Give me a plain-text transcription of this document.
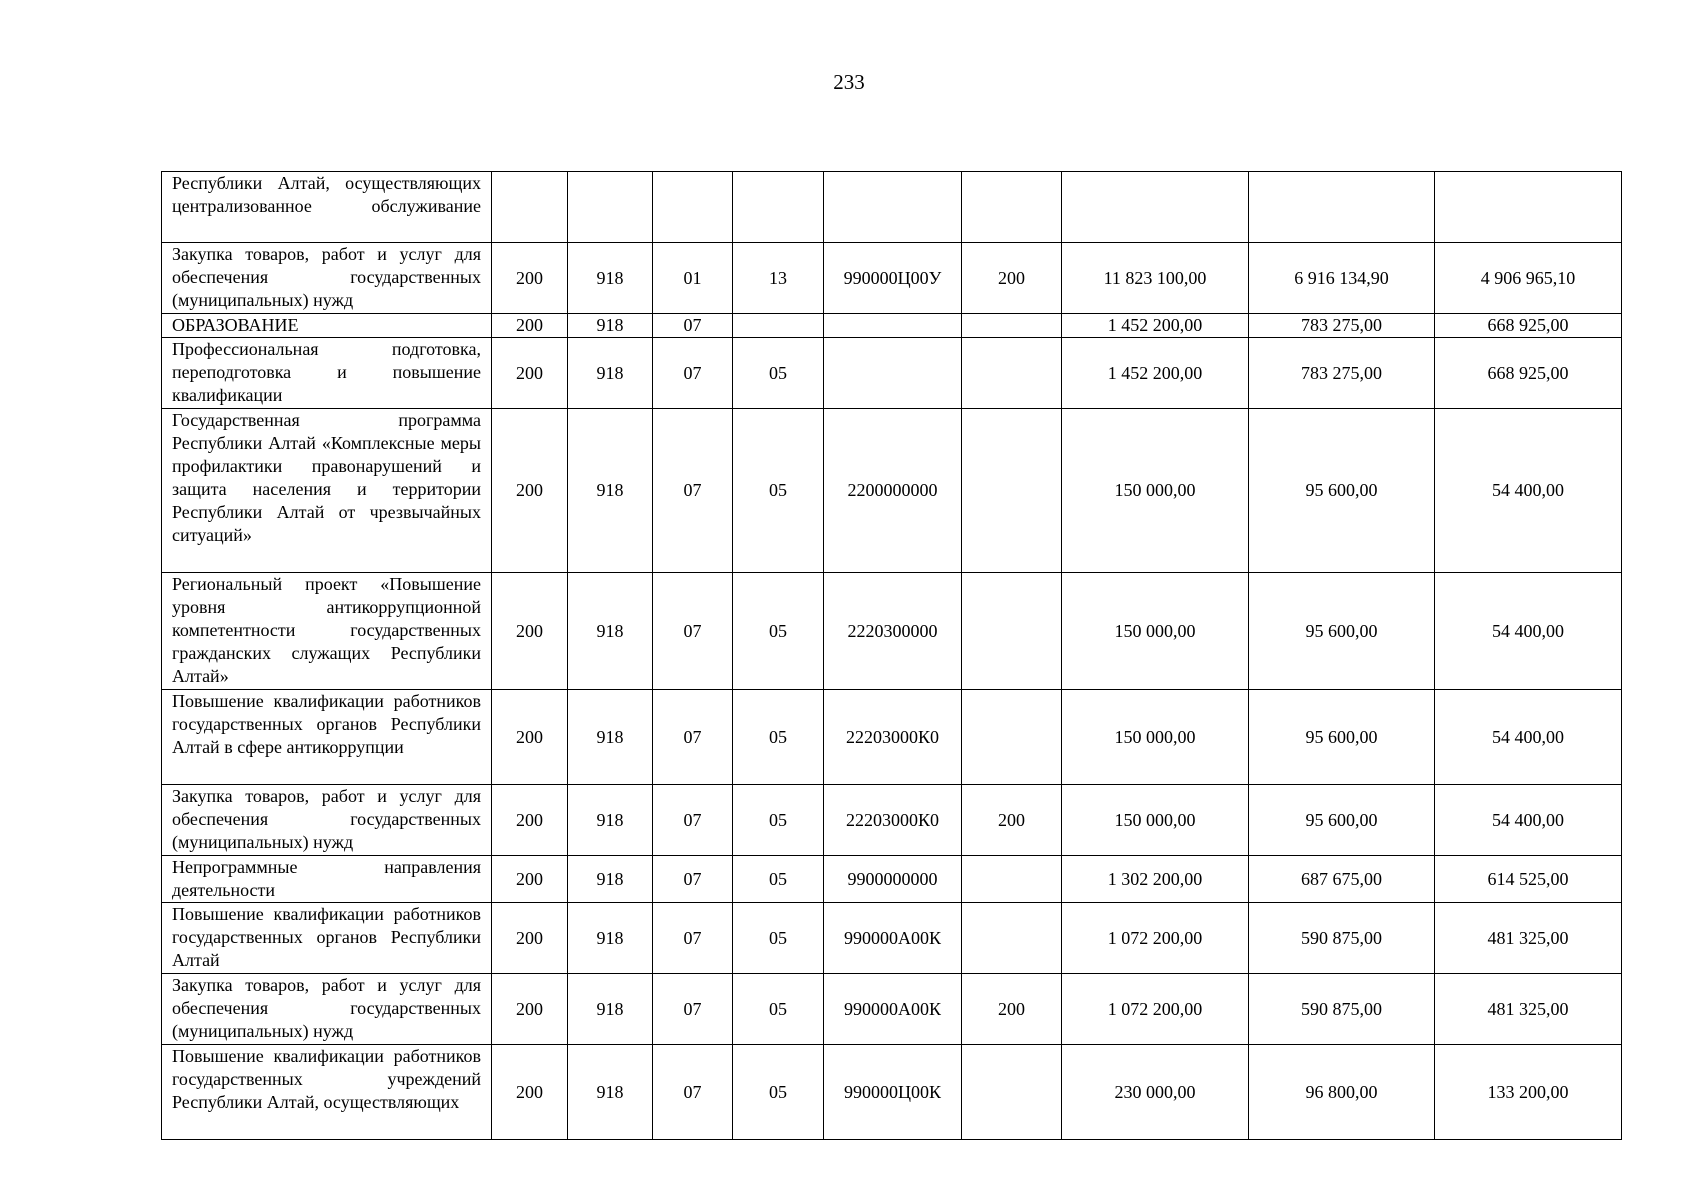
233
Республики Алтай, осуществляющих централизованное обслуживание									
Закупка товаров, работ и услуг для обеспечения государственных (муниципальных) нужд	200	918	01	13	990000Ц00У	200	11 823 100,00	6 916 134,90	4 906 965,10
ОБРАЗОВАНИЕ	200	918	07				1 452 200,00	783 275,00	668 925,00
Профессиональная подготовка, переподготовка и повышение квалификации	200	918	07	05			1 452 200,00	783 275,00	668 925,00
Государственная программа Республики Алтай «Комплексные меры профилактики правонарушений и защита населения и территории Республики Алтай от чрезвычайных ситуаций»	200	918	07	05	2200000000		150 000,00	95 600,00	54 400,00
Региональный проект «Повышение уровня антикоррупционной компетентности государственных гражданских служащих Республики Алтай»	200	918	07	05	2220300000		150 000,00	95 600,00	54 400,00
Повышение квалификации работников государственных органов Республики Алтай в сфере антикоррупции	200	918	07	05	22203000К0		150 000,00	95 600,00	54 400,00
Закупка товаров, работ и услуг для обеспечения государственных (муниципальных) нужд	200	918	07	05	22203000К0	200	150 000,00	95 600,00	54 400,00
Непрограммные направления деятельности	200	918	07	05	9900000000		1 302 200,00	687 675,00	614 525,00
Повышение квалификации работников государственных органов Республики Алтай	200	918	07	05	990000А00К		1 072 200,00	590 875,00	481 325,00
Закупка товаров, работ и услуг для обеспечения государственных (муниципальных) нужд	200	918	07	05	990000А00К	200	1 072 200,00	590 875,00	481 325,00
Повышение квалификации работников государственных учреждений Республики Алтай, осуществляющих	200	918	07	05	990000Ц00К		230 000,00	96 800,00	133 200,00
